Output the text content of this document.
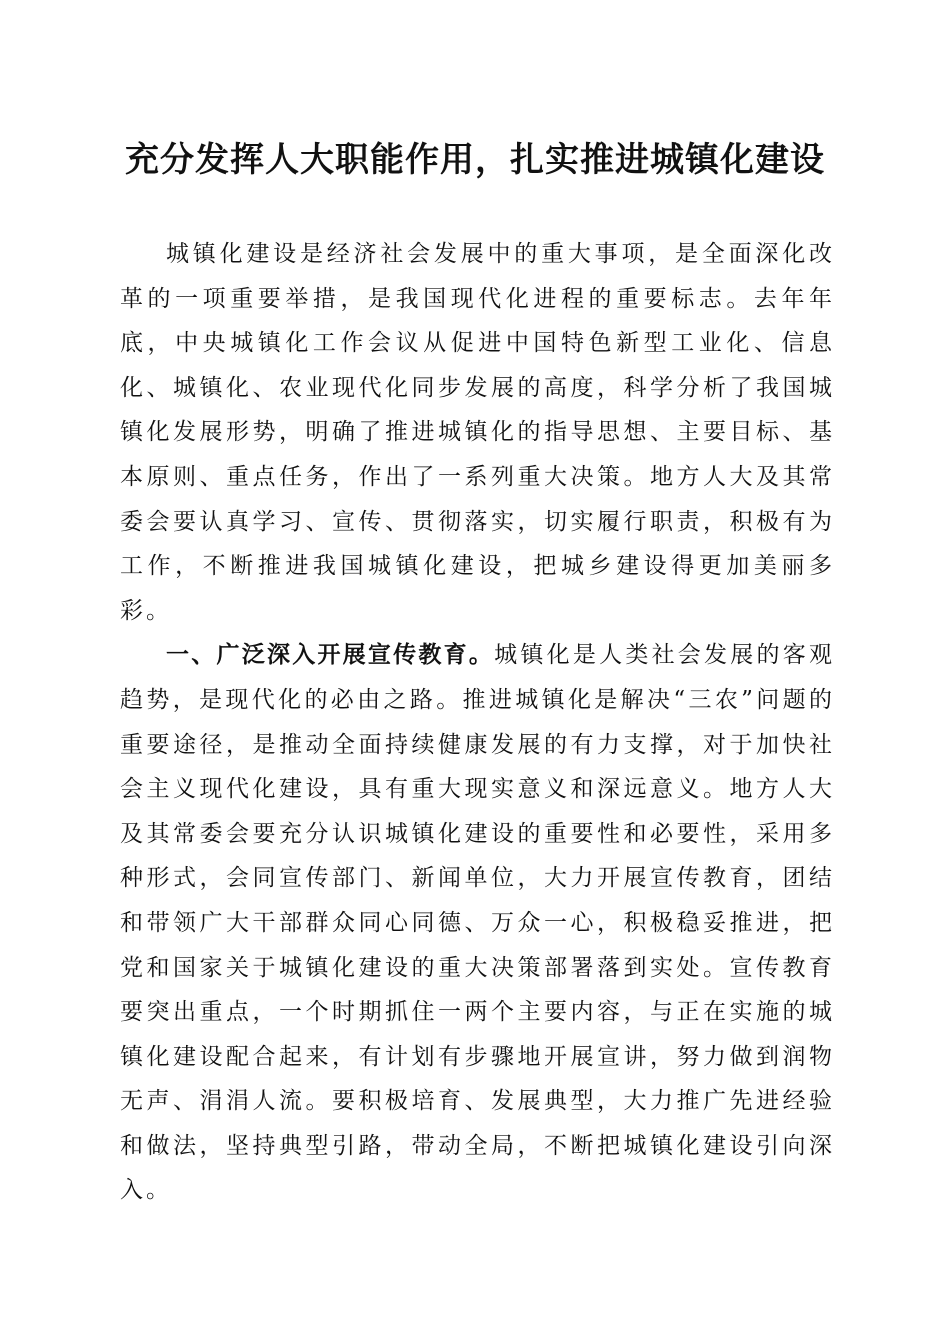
充分发挥人大职能作用，扎实推进城镇化建设

城镇化建设是经济社会发展中的重大事项，是全面深化改革的一项重要举措，是我国现代化进程的重要标志。去年年底，中央城镇化工作会议从促进中国特色新型工业化、信息化、城镇化、农业现代化同步发展的高度，科学分析了我国城镇化发展形势，明确了推进城镇化的指导思想、主要目标、基本原则、重点任务，作出了一系列重大决策。地方人大及其常委会要认真学习、宣传、贯彻落实，切实履行职责，积极有为工作，不断推进我国城镇化建设，把城乡建设得更加美丽多彩。

一、广泛深入开展宣传教育。城镇化是人类社会发展的客观趋势，是现代化的必由之路。推进城镇化是解决“三农”问题的重要途径，是推动全面持续健康发展的有力支撑，对于加快社会主义现代化建设，具有重大现实意义和深远意义。地方人大及其常委会要充分认识城镇化建设的重要性和必要性，采用多种形式，会同宣传部门、新闻单位，大力开展宣传教育，团结和带领广大干部群众同心同德、万众一心，积极稳妥推进，把党和国家关于城镇化建设的重大决策部署落到实处。宣传教育要突出重点，一个时期抓住一两个主要内容，与正在实施的城镇化建设配合起来，有计划有步骤地开展宣讲，努力做到润物无声、涓涓人流。要积极培育、发展典型，大力推广先进经验和做法，坚持典型引路，带动全局，不断把城镇化建设引向深入。
